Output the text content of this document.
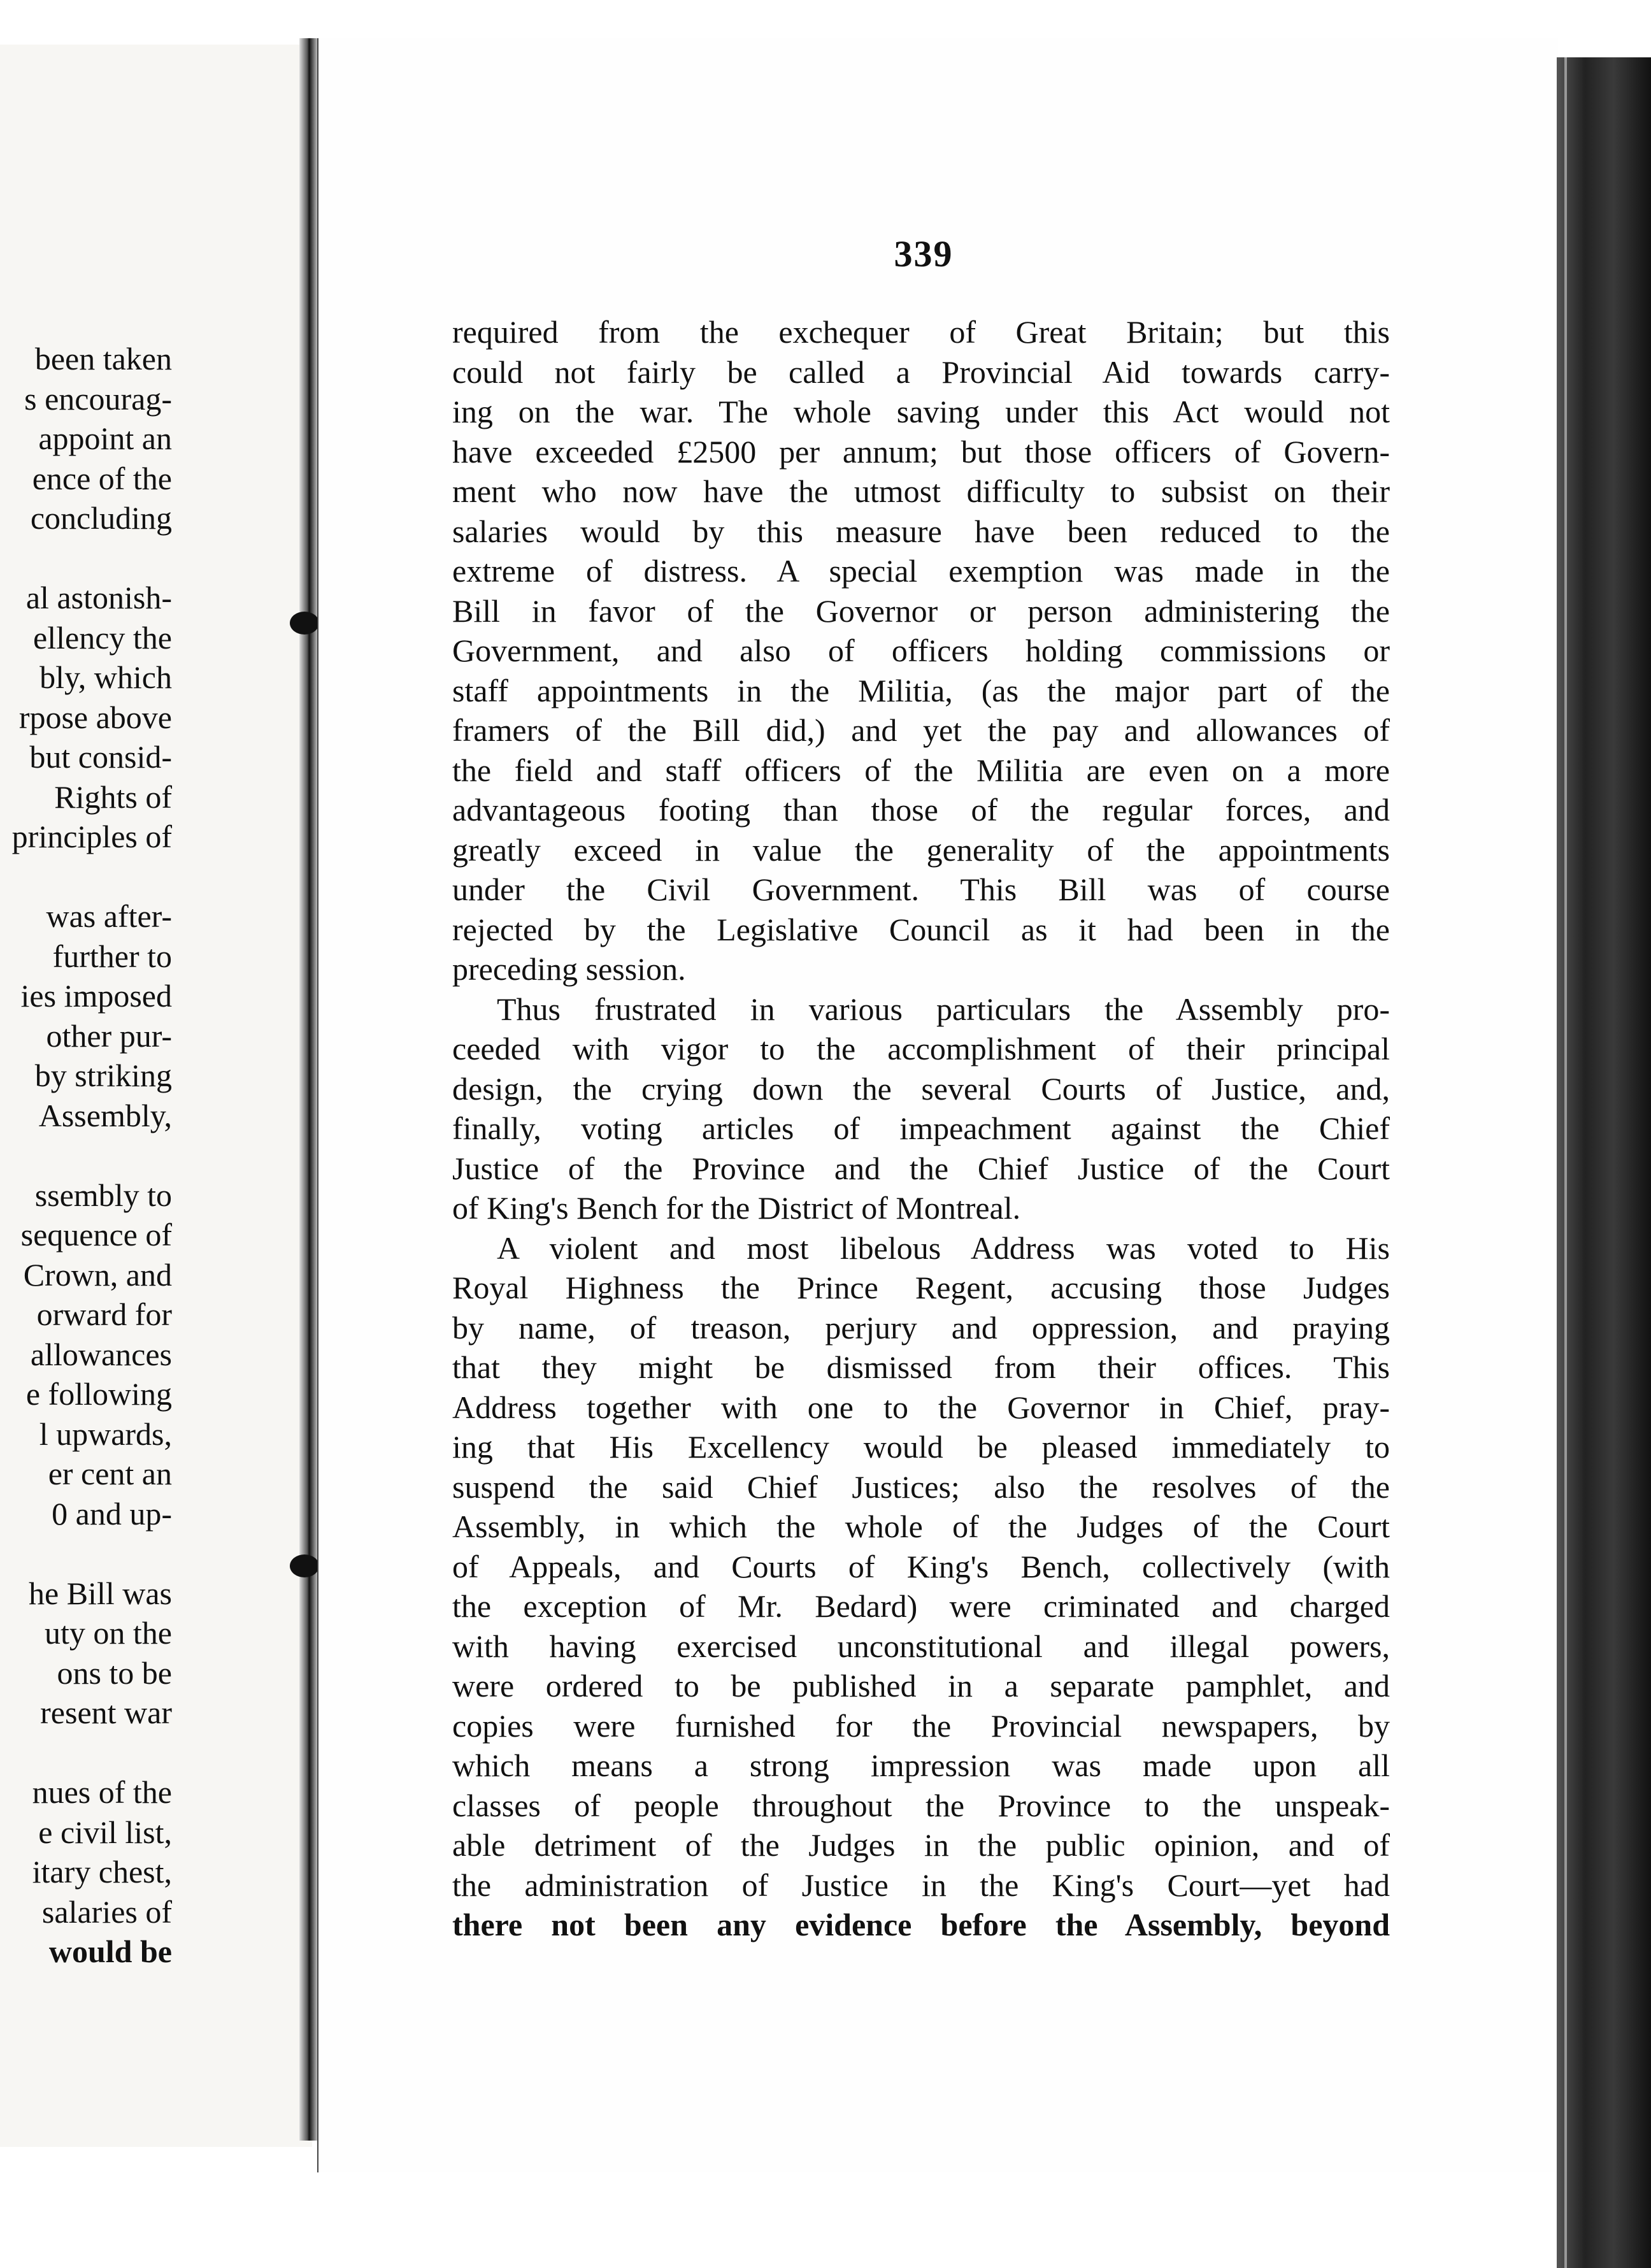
been taken
s encourag-
appoint an
ence of the
concluding
al astonish-
ellency the
bly, which
rpose above
but consid-
Rights of
principles of
was after-
further to
ies imposed
other pur-
by striking
Assembly,
ssembly to
sequence of
Crown, and
orward for
allowances
e following
l upwards,
er cent an
0 and up-
he Bill was
uty on the
ons to be
resent war
nues of the
e civil list,
itary chest,
salaries of
would be
339
required from the exchequer of Great Britain; but this
could not fairly be called a Provincial Aid towards carry-
ing on the war. The whole saving under this Act would not
have exceeded £2500 per annum; but those officers of Govern-
ment who now have the utmost difficulty to subsist on their
salaries would by this measure have been reduced to the
extreme of distress. A special exemption was made in the
Bill in favor of the Governor or person administering the
Government, and also of officers holding commissions or
staff appointments in the Militia, (as the major part of the
framers of the Bill did,) and yet the pay and allowances of
the field and staff officers of the Militia are even on a more
advantageous footing than those of the regular forces, and
greatly exceed in value the generality of the appointments
under the Civil Government. This Bill was of course
rejected by the Legislative Council as it had been in the
preceding session.
Thus frustrated in various particulars the Assembly pro-
ceeded with vigor to the accomplishment of their principal
design, the crying down the several Courts of Justice, and,
finally, voting articles of impeachment against the Chief
Justice of the Province and the Chief Justice of the Court
of King's Bench for the District of Montreal.
A violent and most libelous Address was voted to His
Royal Highness the Prince Regent, accusing those Judges
by name, of treason, perjury and oppression, and praying
that they might be dismissed from their offices. This
Address together with one to the Governor in Chief, pray-
ing that His Excellency would be pleased immediately to
suspend the said Chief Justices; also the resolves of the
Assembly, in which the whole of the Judges of the Court
of Appeals, and Courts of King's Bench, collectively (with
the exception of Mr. Bedard) were criminated and charged
with having exercised unconstitutional and illegal powers,
were ordered to be published in a separate pamphlet, and
copies were furnished for the Provincial newspapers, by
which means a strong impression was made upon all
classes of people throughout the Province to the unspeak-
able detriment of the Judges in the public opinion, and of
the administration of Justice in the King's Court—yet had
there not been any evidence before the Assembly, beyond
